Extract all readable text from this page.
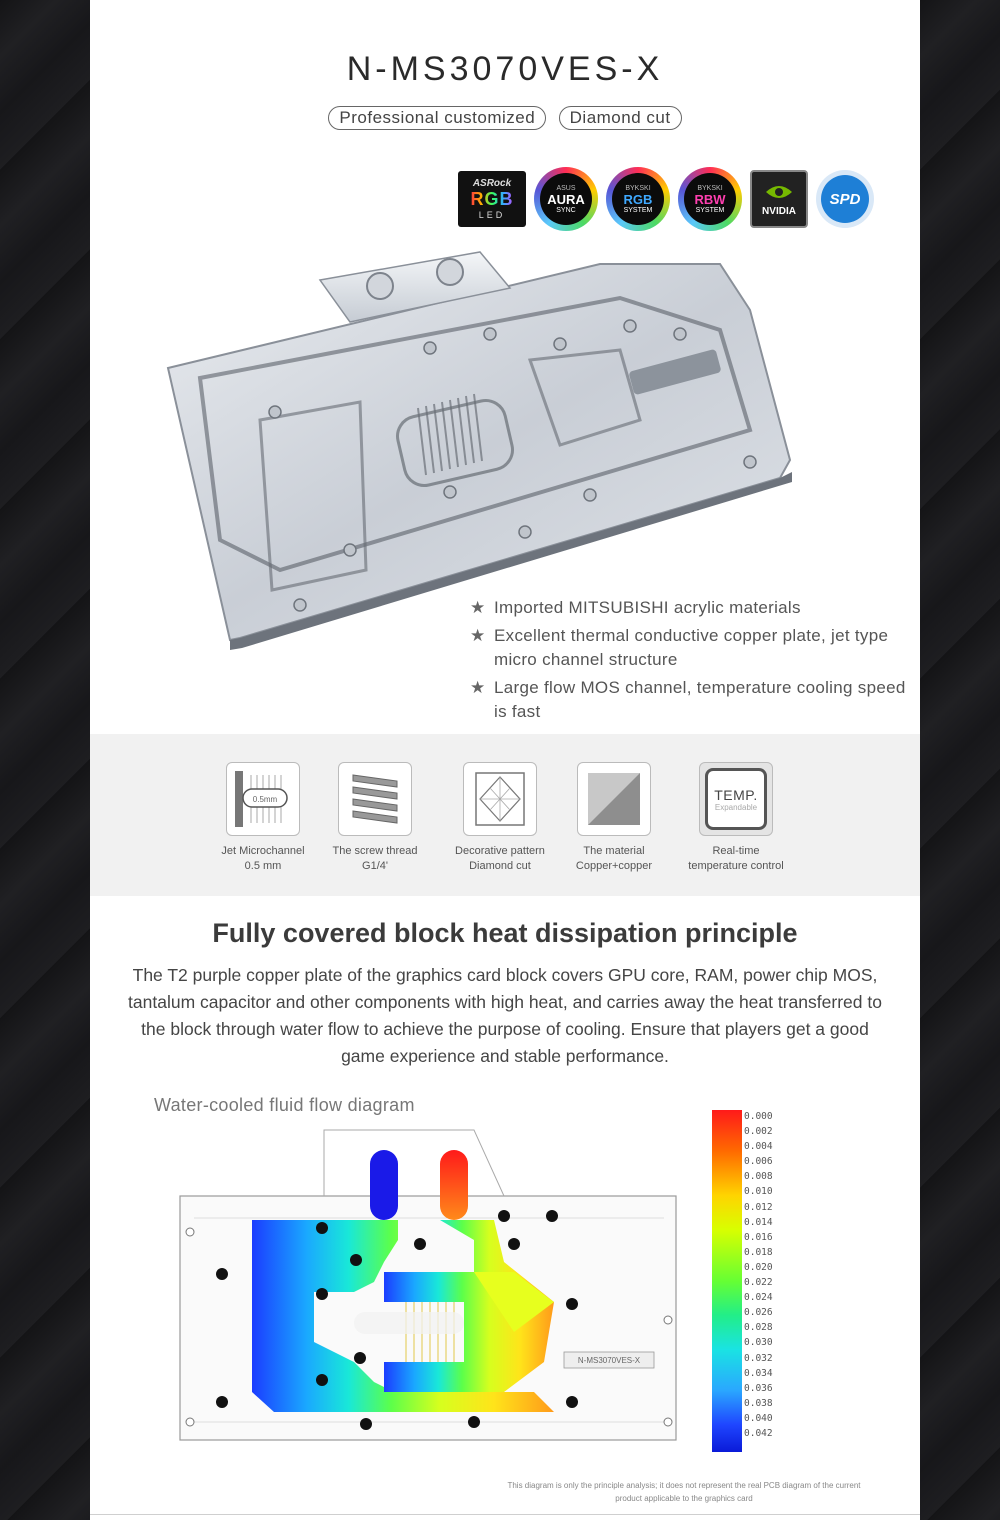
N-MS3070VES-X
Professional customized Diamond cut
ASRock
RGB
LED
ASUS
AURA
SYNC
BYKSKI
RGB
SYSTEM
BYKSKI
RBW
SYSTEM	NVIDIA
SPD
★ Imported MITSUBISHI acrylic materials
★ Excellent thermal conductive copper plate, jet type micro channel structure
★ Large flow MOS channel, temperature cooling speed is fast
0.5mm
Jet Microchannel
0.5 mm
The screw thread
G1/4'
Decorative pattern
Diamond cut
The material
Copper+copper
TEMP.
Expandable
Real-time
temperature control
Fully covered block heat dissipation principle

The T2 purple copper plate of the graphics card block covers GPU core, RAM, power chip MOS, tantalum capacitor and other components with high heat, and carries away the heat transferred to the block through water flow to achieve the purpose of cooling. Ensure that players get a good game experience and stable performance.

Water-cooled fluid flow diagram
N-MS3070VES-X
0.000
0.002
0.004
0.006
0.008
0.010
0.012
0.014
0.016
0.018
0.020
0.022
0.024
0.026
0.028
0.030
0.032
0.034
0.036
0.038
0.040
0.042
This diagram is only the principle analysis; it does not represent the real PCB diagram of the current product applicable to the graphics card
